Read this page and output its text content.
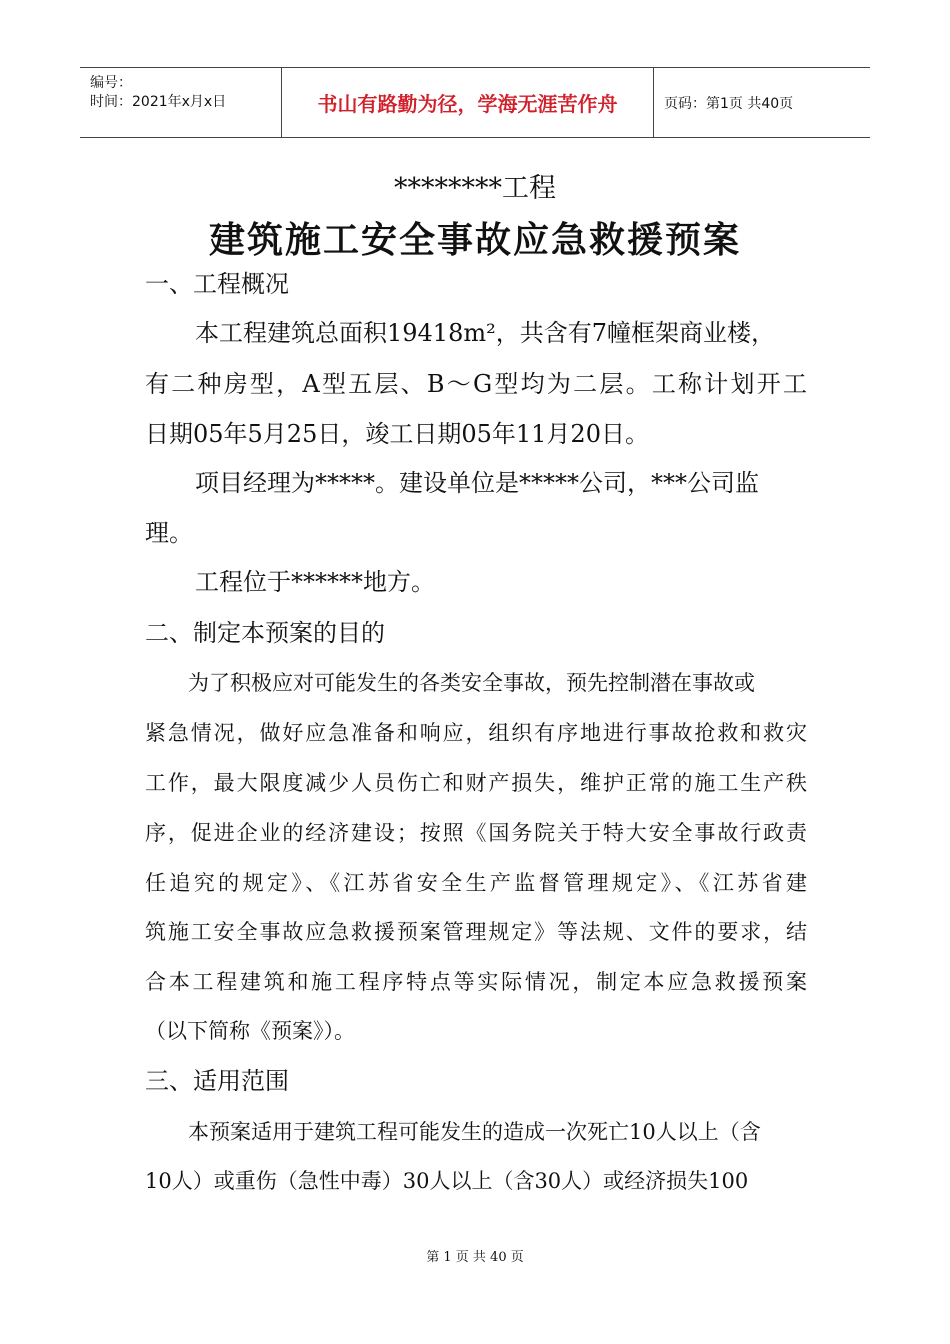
编号：
时间：2021年x月x日	书山有路勤为径，学海无涯苦作舟	页码：第1页 共40页
********工程
建筑施工安全事故应急救援预案
一、工程概况
本工程建筑总面积19418m²，共含有7幢框架商业楼，
有二种房型，A型五层、B～G型均为二层。工称计划开工
日期05年5月25日，竣工日期05年11月20日。
项目经理为*****。建设单位是*****公司，***公司监
理。
工程位于******地方。
二、制定本预案的目的
为了积极应对可能发生的各类安全事故，预先控制潜在事故或
紧急情况，做好应急准备和响应，组织有序地进行事故抢救和救灾
工作，最大限度减少人员伤亡和财产损失，维护正常的施工生产秩
序，促进企业的经济建设；按照《国务院关于特大安全事故行政责
任追究的规定》、《江苏省安全生产监督管理规定》、《江苏省建
筑施工安全事故应急救援预案管理规定》等法规、文件的要求，结
合本工程建筑和施工程序特点等实际情况，制定本应急救援预案
（以下简称《预案》）。
三、适用范围
本预案适用于建筑工程可能发生的造成一次死亡10人以上（含
10人）或重伤（急性中毒）30人以上（含30人）或经济损失100
第 1 页 共 40 页
